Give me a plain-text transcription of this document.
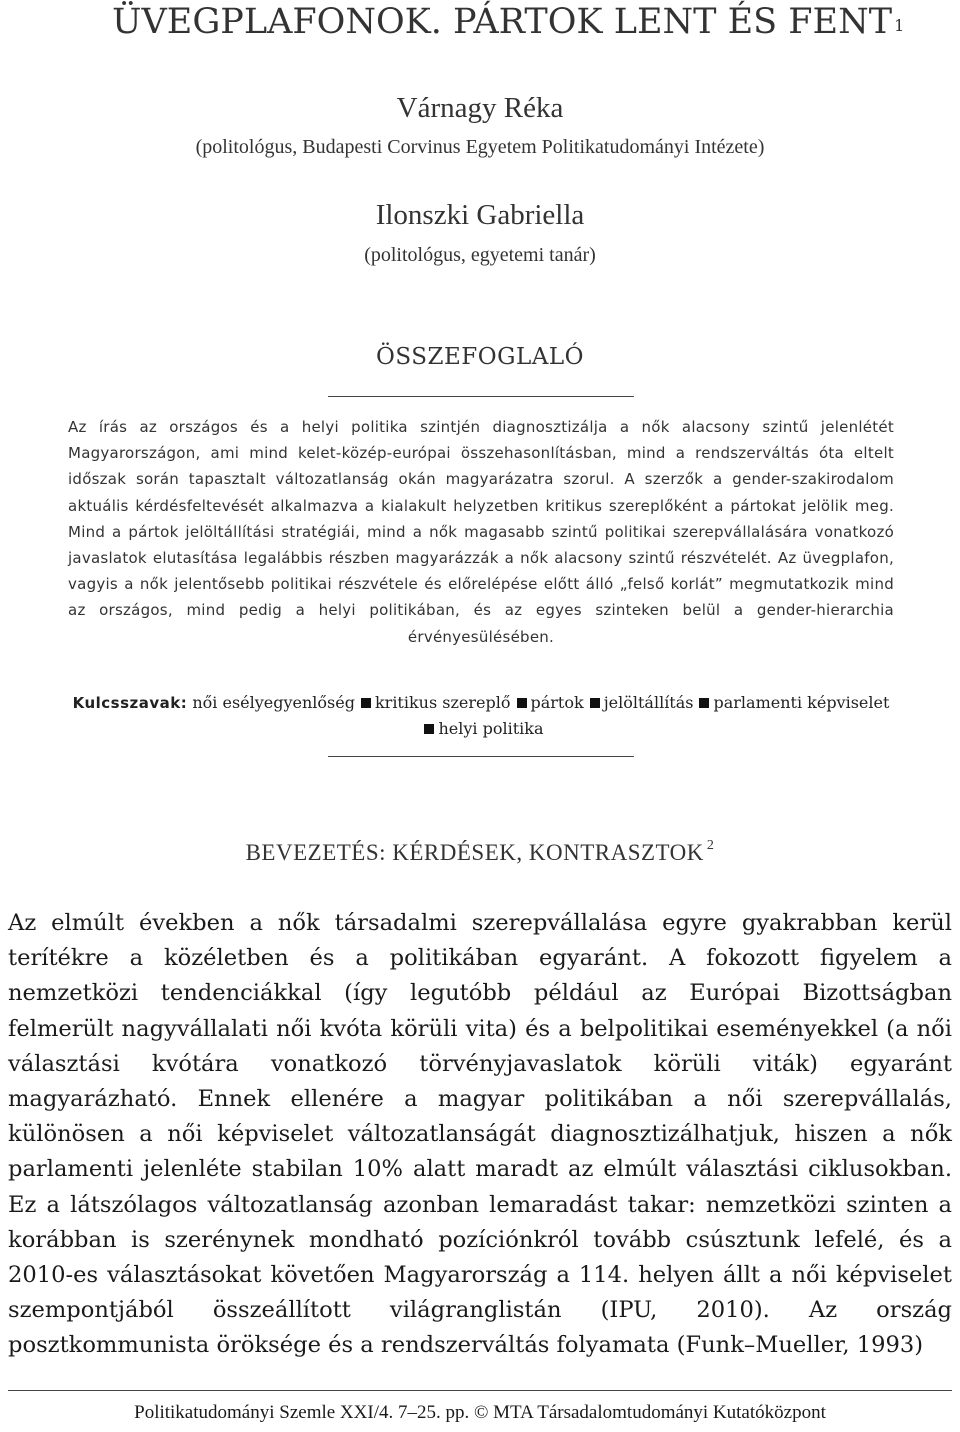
ÜVEGPLAFONOK. PÁRTOK LENT ÉS FENT $^1$
Várnagy Réka
(politológus, Budapesti Corvinus Egyetem Politikatudományi Intézete)
Ilonszki Gabriella
(politológus, egyetemi tanár)
ÖSSZEFOGLALÓ

Az írás az országos és a helyi politika szintjén diagnosztizálja a nők alacsony szintű jelenlétét Magyarországon, ami mind kelet-közép-európai összehasonlításban, mind a rendszerváltás óta eltelt időszak során tapasztalt változatlanság okán magyarázatra szorul. A szerzők a gender-szakirodalom aktuális kérdésfeltevését alkalmazva a kialakult helyzetben kritikus szereplőként a pártokat jelölik meg. Mind a pártok jelöltállítási stratégiái, mind a nők magasabb szintű politikai szerepvállalására vonatkozó javaslatok elutasítása legalábbis részben magyarázzák a nők alacsony szintű részvételét. Az üvegplafon, vagyis a nők jelentősebb politikai részvétele és előrelépése előtt álló „felső korlát” megmutatkozik mind az országos, mind pedig a helyi politikában, és az egyes szinteken belül a gender-hierarchia érvényesülésében.

Kulcsszavak: női esélyegyenlőség kritikus szereplő pártok jelöltállítás parlamenti képviselethelyi politika
BEVEZETÉS: KÉRDÉSEK, KONTRASZTOK $^2$

Az elmúlt években a nők társadalmi szerepvállalása egyre gyakrabban kerül terítékre a közéletben és a politikában egyaránt. A fokozott figyelem a nemzetközi tendenciákkal (így legutóbb például az Európai Bizottságban felmerült nagyvállalati női kvóta körüli vita) és a belpolitikai eseményekkel (a női választási kvótára vonatkozó törvényjavaslatok körüli viták) egyaránt magyarázható. Ennek ellenére a magyar politikában a női szerepvállalás, különösen a női képviselet változatlanságát diagnosztizálhatjuk, hiszen a nők parlamenti jelenléte stabilan 10% alatt maradt az elmúlt választási ciklusokban. Ez a látszólagos változatlanság azonban lemaradást takar: nemzetközi szinten a korábban is szerénynek mondható pozíciónkról tovább csúsztunk lefelé, és a 2010-es választásokat követően Magyarország a 114. helyen állt a női képviselet szempontjából összeállított világranglistán (IPU, 2010). Az ország posztkommunista öröksége és a rendszerváltás folyamata (Funk–Mueller, 1993)

Politikatudományi Szemle XXI/4. 7–25. pp. © MTA Társadalomtudományi Kutatóközpont
